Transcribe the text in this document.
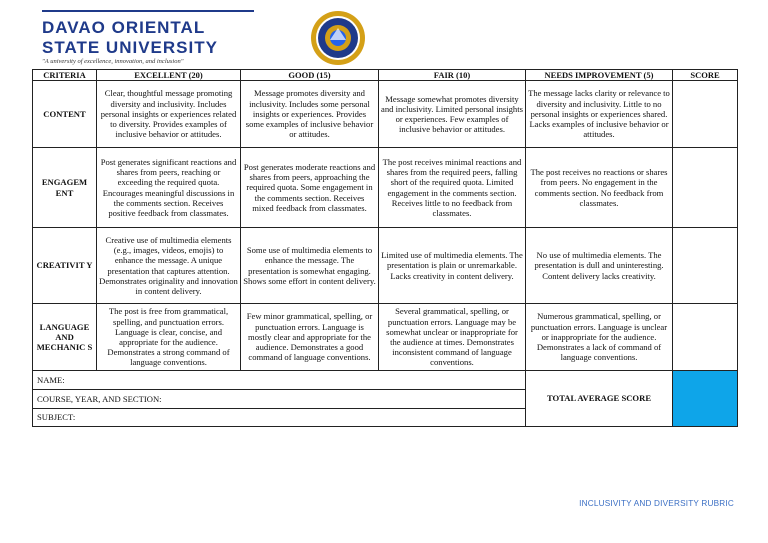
DAVAO ORIENTAL
STATE UNIVERSITY
"A university of excellence, innovation, and inclusion"
CRITERIA	EXCELLENT (20)	GOOD (15)	FAIR (10)	NEEDS IMPROVEMENT (5)	SCORE
CONTENT	Clear, thoughtful message promoting diversity and inclusivity. Includes personal insights or experiences related to diversity. Provides examples of inclusive behavior or attitudes.	Message promotes diversity and inclusivity. Includes some personal insights or experiences. Provides some examples of inclusive behavior or attitudes.	Message somewhat promotes diversity and inclusivity. Limited personal insights or experiences. Few examples of inclusive behavior or attitudes.	The message lacks clarity or relevance to diversity and inclusivity. Little to no personal insights or experiences shared. Lacks examples of inclusive behavior or attitudes.	
ENGAGEM ENT	Post generates significant reactions and shares from peers, reaching or exceeding the required quota. Encourages meaningful discussions in the comments section. Receives positive feedback from classmates.	Post generates moderate reactions and shares from peers, approaching the required quota. Some engagement in the comments section. Receives mixed feedback from classmates.	The post receives minimal reactions and shares from the required peers, falling short of the required quota. Limited engagement in the comments section. Receives little to no feedback from classmates.	The post receives no reactions or shares from peers. No engagement in the comments section. No feedback from classmates.	
CREATIVIT Y	Creative use of multimedia elements (e.g., images, videos, emojis) to enhance the message. A unique presentation that captures attention. Demonstrates originality and innovation in content delivery.	Some use of multimedia elements to enhance the message. The presentation is somewhat engaging. Shows some effort in content delivery.	Limited use of multimedia elements. The presentation is plain or unremarkable. Lacks creativity in content delivery.	No use of multimedia elements. The presentation is dull and uninteresting. Content delivery lacks creativity.	
LANGUAGE AND MECHANIC S	The post is free from grammatical, spelling, and punctuation errors. Language is clear, concise, and appropriate for the audience. Demonstrates a strong command of language conventions.	Few minor grammatical, spelling, or punctuation errors. Language is mostly clear and appropriate for the audience. Demonstrates a good command of language conventions.	Several grammatical, spelling, or punctuation errors. Language may be somewhat unclear or inappropriate for the audience at times. Demonstrates inconsistent command of language conventions.	Numerous grammatical, spelling, or punctuation errors. Language is unclear or inappropriate for the audience. Demonstrates a lack of command of language conventions.	
NAME:				TOTAL AVERAGE SCORE	
COURSE, YEAR, AND SECTION:					
SUBJECT:					
INCLUSIVITY AND DIVERSITY RUBRIC
